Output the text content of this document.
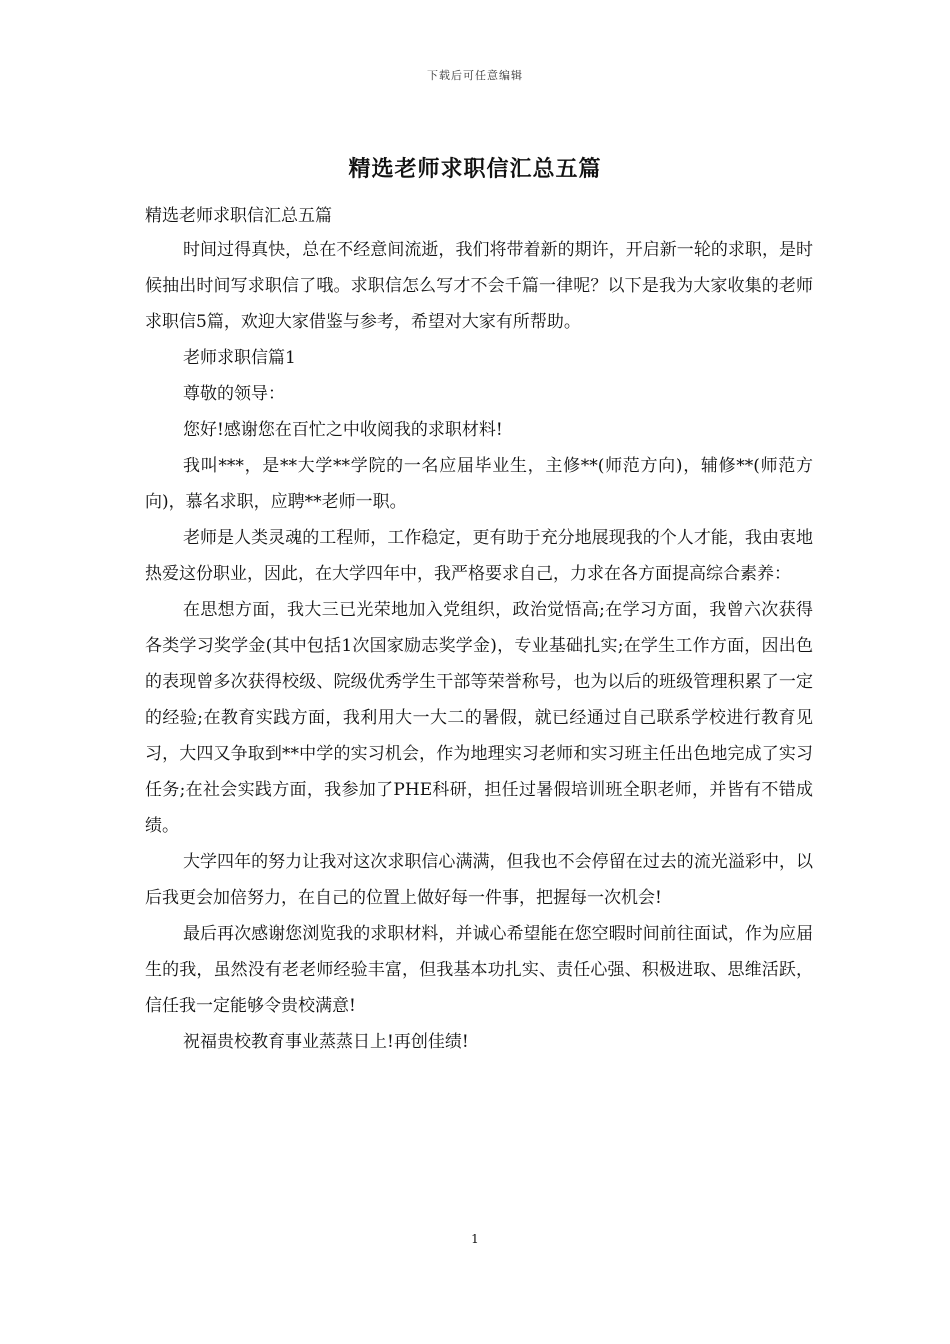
下载后可任意编辑
精选老师求职信汇总五篇
精选老师求职信汇总五篇

时间过得真快，总在不经意间流逝，我们将带着新的期许，开启新一轮的求职，是时候抽出时间写求职信了哦。求职信怎么写才不会千篇一律呢？以下是我为大家收集的老师求职信5篇，欢迎大家借鉴与参考，希望对大家有所帮助。

老师求职信篇1

尊敬的领导：

您好!感谢您在百忙之中收阅我的求职材料!

我叫***，是**大学**学院的一名应届毕业生，主修**(师范方向)，辅修**(师范方向)，慕名求职，应聘**老师一职。

老师是人类灵魂的工程师，工作稳定，更有助于充分地展现我的个人才能，我由衷地热爱这份职业，因此，在大学四年中，我严格要求自己，力求在各方面提高综合素养：

在思想方面，我大三已光荣地加入党组织，政治觉悟高;在学习方面，我曾六次获得各类学习奖学金(其中包括1次国家励志奖学金)，专业基础扎实;在学生工作方面，因出色的表现曾多次获得校级、院级优秀学生干部等荣誉称号，也为以后的班级管理积累了一定的经验;在教育实践方面，我利用大一大二的暑假，就已经通过自己联系学校进行教育见习，大四又争取到**中学的实习机会，作为地理实习老师和实习班主任出色地完成了实习任务;在社会实践方面，我参加了PHE科研，担任过暑假培训班全职老师，并皆有不错成绩。

大学四年的努力让我对这次求职信心满满，但我也不会停留在过去的流光溢彩中，以后我更会加倍努力，在自己的位置上做好每一件事，把握每一次机会!

最后再次感谢您浏览我的求职材料，并诚心希望能在您空暇时间前往面试，作为应届生的我，虽然没有老老师经验丰富，但我基本功扎实、责任心强、积极进取、思维活跃，信任我一定能够令贵校满意!

祝福贵校教育事业蒸蒸日上!再创佳绩!

1
